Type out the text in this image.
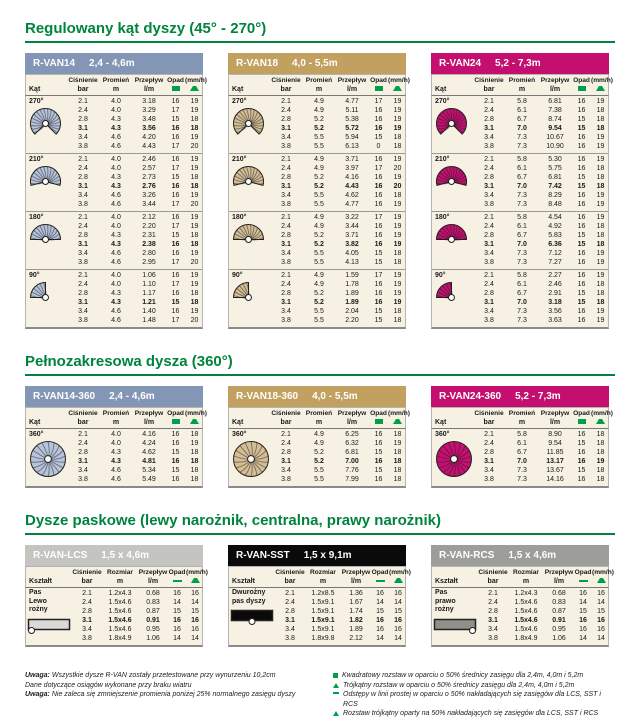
Regulowany kąt dyszy (45° - 270°)
R-VAN14 2,4 - 4,6m
Ciśnienie Promień Przepływ Opad (mm/h)
Kąt	bar	m	l/m
270°	2.1	4.0	3.18	16	19
2.4	4.0	3.29	17	19
2.8	4.3	3.48	15	18
3.1	4.3	3.56	16	18
3.4	4.6	4.20	16	19
3.8	4.6	4.43	17	20
210°	2.1	4.0	2.46	16	19
2.4	4.0	2.57	17	19
2.8	4.3	2.73	15	18
3.1	4.3	2.76	16	18
3.4	4.6	3.26	16	19
3.8	4.6	3.44	17	20
180°	2.1	4.0	2.12	16	19
2.4	4.0	2.20	17	19
2.8	4.3	2.31	15	18
3.1	4.3	2.38	16	18
3.4	4.6	2.80	16	19
3.8	4.6	2.95	17	20
90°	2.1	4.0	1.06	16	19
2.4	4.0	1.10	17	19
2.8	4.3	1.17	16	18
3.1	4.3	1.21	15	18
3.4	4.6	1.40	16	19
3.8	4.6	1.48	17	20
R-VAN18 4,0 - 5,5m
Ciśnienie Promień Przepływ Opad (mm/h)
Kąt	bar	m	l/m
270°	2.1	4.9	4.77	17	19
2.4	4.9	5.11	16	19
2.8	5.2	5.38	16	19
3.1	5.2	5.72	16	19
3.4	5.5	5.94	15	18
3.8	5.5	6.13	0	18
210°	2.1	4.9	3.71	16	19
2.4	4.9	3.97	17	20
2.8	5.2	4.16	16	19
3.1	5.2	4.43	16	20
3.4	5.5	4.62	16	18
3.8	5.5	4.77	16	19
180°	2.1	4.9	3.22	17	19
2.4	4.9	3.44	16	19
2.8	5.2	3.71	16	19
3.1	5.2	3.82	16	19
3.4	5.5	4.05	15	18
3.8	5.5	4.13	15	18
90°	2.1	4.9	1.59	17	19
2.4	4.9	1.78	16	19
2.8	5.2	1.89	16	19
3.1	5.2	1.89	16	19
3.4	5.5	2.04	15	18
3.8	5.5	2.20	15	18
R-VAN24 5,2 - 7,3m
Ciśnienie Promień Przepływ Opad (mm/h)
Kąt	bar	m	l/m
270°	2.1	5.8	6.81	16	19
2.4	6.1	7.38	16	18
2.8	6.7	8.74	15	18
3.1	7.0	9.54	15	18
3.4	7.3	10.67	16	19
3.8	7.3	10.90	16	19
210°	2.1	5.8	5.30	16	19
2.4	6.1	5.75	16	18
2.8	6.7	6.81	15	18
3.1	7.0	7.42	15	18
3.4	7.3	8.29	16	19
3.8	7.3	8.48	16	19
180°	2.1	5.8	4.54	16	19
2.4	6.1	4.92	16	18
2.8	6.7	5.83	15	18
3.1	7.0	6.36	15	18
3.4	7.3	7.12	16	19
3.8	7.3	7.27	16	19
90°	2.1	5.8	2.27	16	19
2.4	6.1	2.46	16	18
2.8	6.7	2.91	15	18
3.1	7.0	3.18	15	18
3.4	7.3	3.56	16	19
3.8	7.3	3.63	16	19
Pełnozakresowa dysza (360°)
R-VAN14-360 2,4 - 4,6m
Ciśnienie Promień Przepływ Opad (mm/h)
Kąt	bar	m	l/m
360°	2.1	4.0	4.16	16	18
2.4	4.0	4.24	16	19
2.8	4.3	4.62	15	18
3.1	4.3	4.81	16	18
3.4	4.6	5.34	15	18
3.8	4.6	5.49	16	18
R-VAN18-360 4,0 - 5,5m
Ciśnienie Promień Przepływ Opad (mm/h)
Kąt	bar	m	l/m
360°	2.1	4.9	6.25	16	18
2.4	4.9	6.32	16	19
2.8	5.2	6.81	15	18
3.1	5.2	7.00	16	18
3.4	5.5	7.76	15	18
3.8	5.5	7.99	16	18
R-VAN24-360 5,2 - 7,3m
Ciśnienie Promień Przepływ Opad (mm/h)
Kąt	bar	m	l/m
360°	2.1	5.8	8.90	16	18
2.4	6.1	9.54	15	18
2.8	6.7	11.85	16	18
3.1	7.0	13.17	16	19
3.4	7.3	13.67	15	18
3.8	7.3	14.16	16	18
Dysze paskowe (lewy narożnik, centralna, prawy narożnik)
R-VAN-LCS 1,5 x 4,6m
Ciśnienie Rozmiar Przepływ Opad (mm/h)
Kształt	bar	m	l/m
Pas
Lewo
rożny
2.1	1.2x4.3	0.68	16	16
2.4	1.5x4.6	0.83	14	14
2.8	1.5x4.6	0.87	15	15
3.1	1.5x4.6	0.91	16	16
3.4	1.5x4.6	0.95	16	16
3.8	1.8x4.9	1.06	14	14
R-VAN-SST 1,5 x 9,1m
Ciśnienie Rozmiar Przepływ Opad (mm/h)
Kształt	bar	m	l/m
Dwurożny
pas dyszy
2.1	1.2x8.5	1.36	16	16
2.4	1.5x9.1	1.67	14	14
2.8	1.5x9.1	1.74	15	15
3.1	1.5x9.1	1.82	16	16
3.4	1.5x9.1	1.89	16	16
3.8	1.8x9.8	2.12	14	14
R-VAN-RCS 1,5 x 4,6m
Ciśnienie Rozmiar Przepływ Opad (mm/h)
Kształt	bar	m	l/m
Pas
prawo
rożny
2.1	1.2x4.3	0.68	16	16
2.4	1.5x4.6	0.83	14	14
2.8	1.5x4.6	0.87	15	15
3.1	1.5x4.6	0.91	16	16
3.4	1.5x4.6	0.95	16	16
3.8	1.8x4.9	1.06	14	14
Uwaga: Wszystkie dysze R-VAN zostały przetestowane przy wynurzeniu 10,2cm
Dane dotyczące osiągów wykonane przy braku wiatru
Uwaga: Nie zaleca się zmniejszenie promienia poniżej 25% normalnego zasięgu dyszy
Kwadratowy rozstaw w oparciu o 50% średnicy zasięgu dla 2,4m, 4,0m i 5,2m
Trójkątny rozstaw w oparciu o 50% średnicy zasięgu dla 2,4m, 4,0m i 5,2m
Odstępy w linii prostej w oparciu o 50% nakładających się zasięgów dla LCS, SST i RCS
Rozstaw trójkątny oparty na 50% nakładających się zasięgów dla LCS, SST i RCS
